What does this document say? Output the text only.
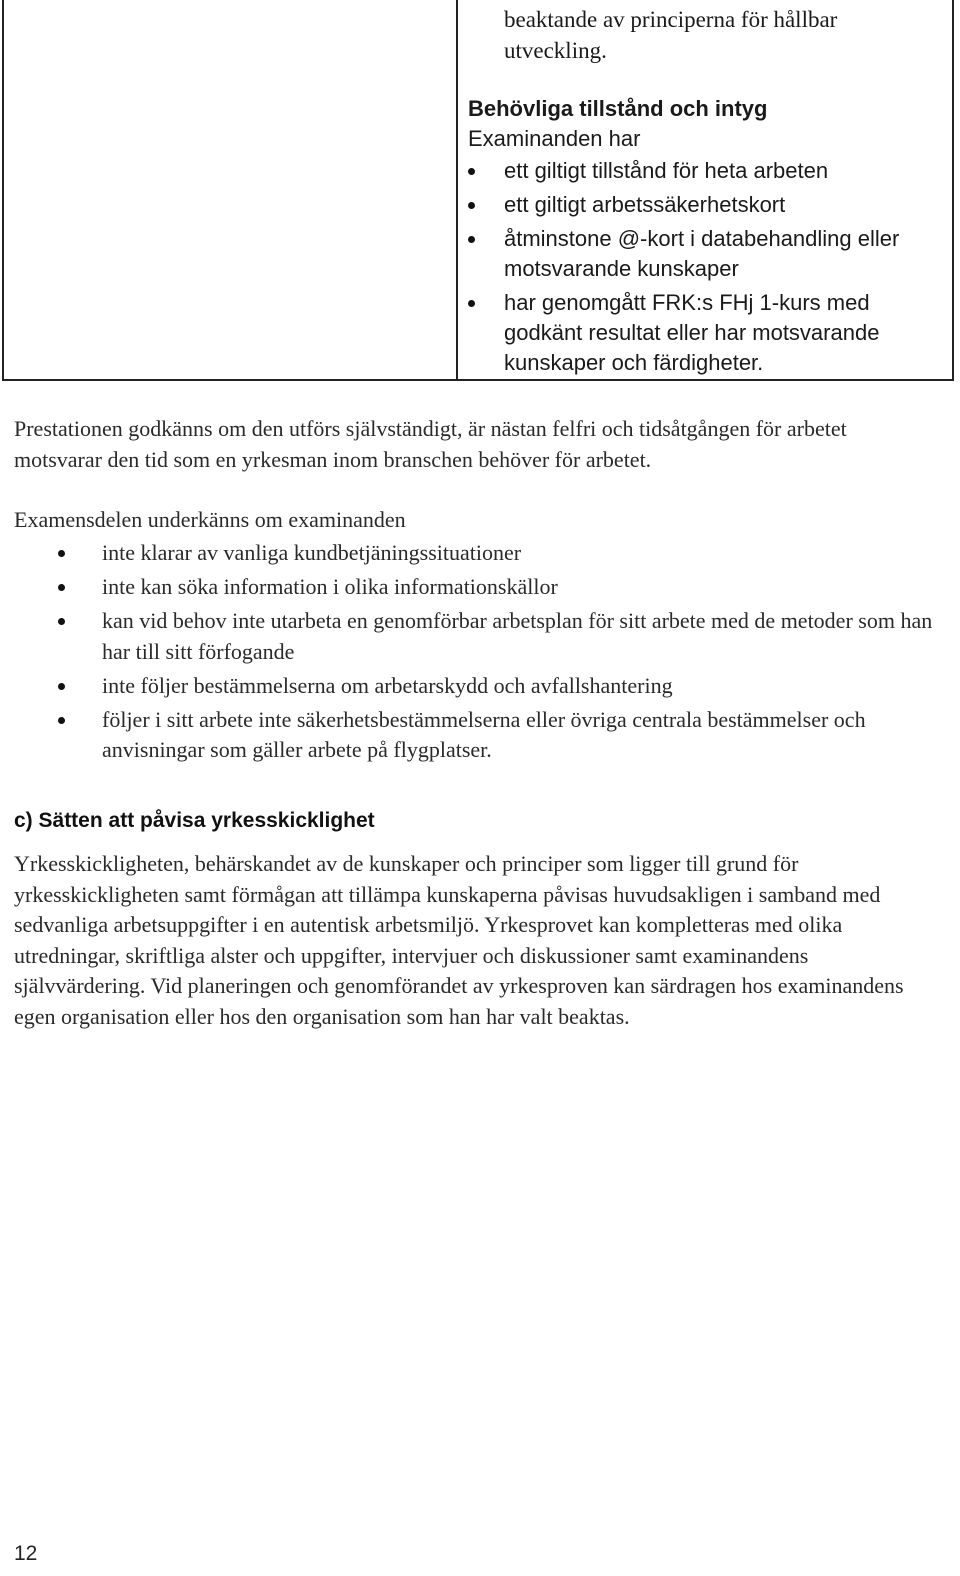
beaktande av principerna för hållbar

utveckling.

Behövliga tillstånd och intyg

Examinanden har

ett giltigt tillstånd för heta arbeten
ett giltigt arbetssäkerhetskort
åtminstone @-kort i databehandling eller motsvarande kunskaper
har genomgått FRK:s FHj 1-kurs med godkänt resultat eller har motsvarande kunskaper och färdigheter.

Prestationen godkänns om den utförs självständigt, är nästan felfri och tidsåtgången för arbetet motsvarar den tid som en yrkesman inom branschen behöver för arbetet.

Examensdelen underkänns om examinanden

inte klarar av vanliga kundbetjäningssituationer
inte kan söka information i olika informationskällor
kan vid behov inte utarbeta en genomförbar arbetsplan för sitt arbete med de metoder som han har till sitt förfogande
inte följer bestämmelserna om arbetarskydd och avfallshantering
följer i sitt arbete inte säkerhetsbestämmelserna eller övriga centrala bestämmelser och anvisningar som gäller arbete på flygplatser.
c) Sätten att påvisa yrkesskicklighet

Yrkesskickligheten, behärskandet av de kunskaper och principer som ligger till grund för yrkesskickligheten samt förmågan att tillämpa kunskaperna påvisas huvudsakligen i samband med sedvanliga arbetsuppgifter i en autentisk arbetsmiljö. Yrkesprovet kan kompletteras med olika utredningar, skriftliga alster och uppgifter, intervjuer och diskussioner samt examinandens självvärdering. Vid planeringen och genomförandet av yrkesproven kan särdragen hos examinandens egen organisation eller hos den organisation som han har valt beaktas.

12
